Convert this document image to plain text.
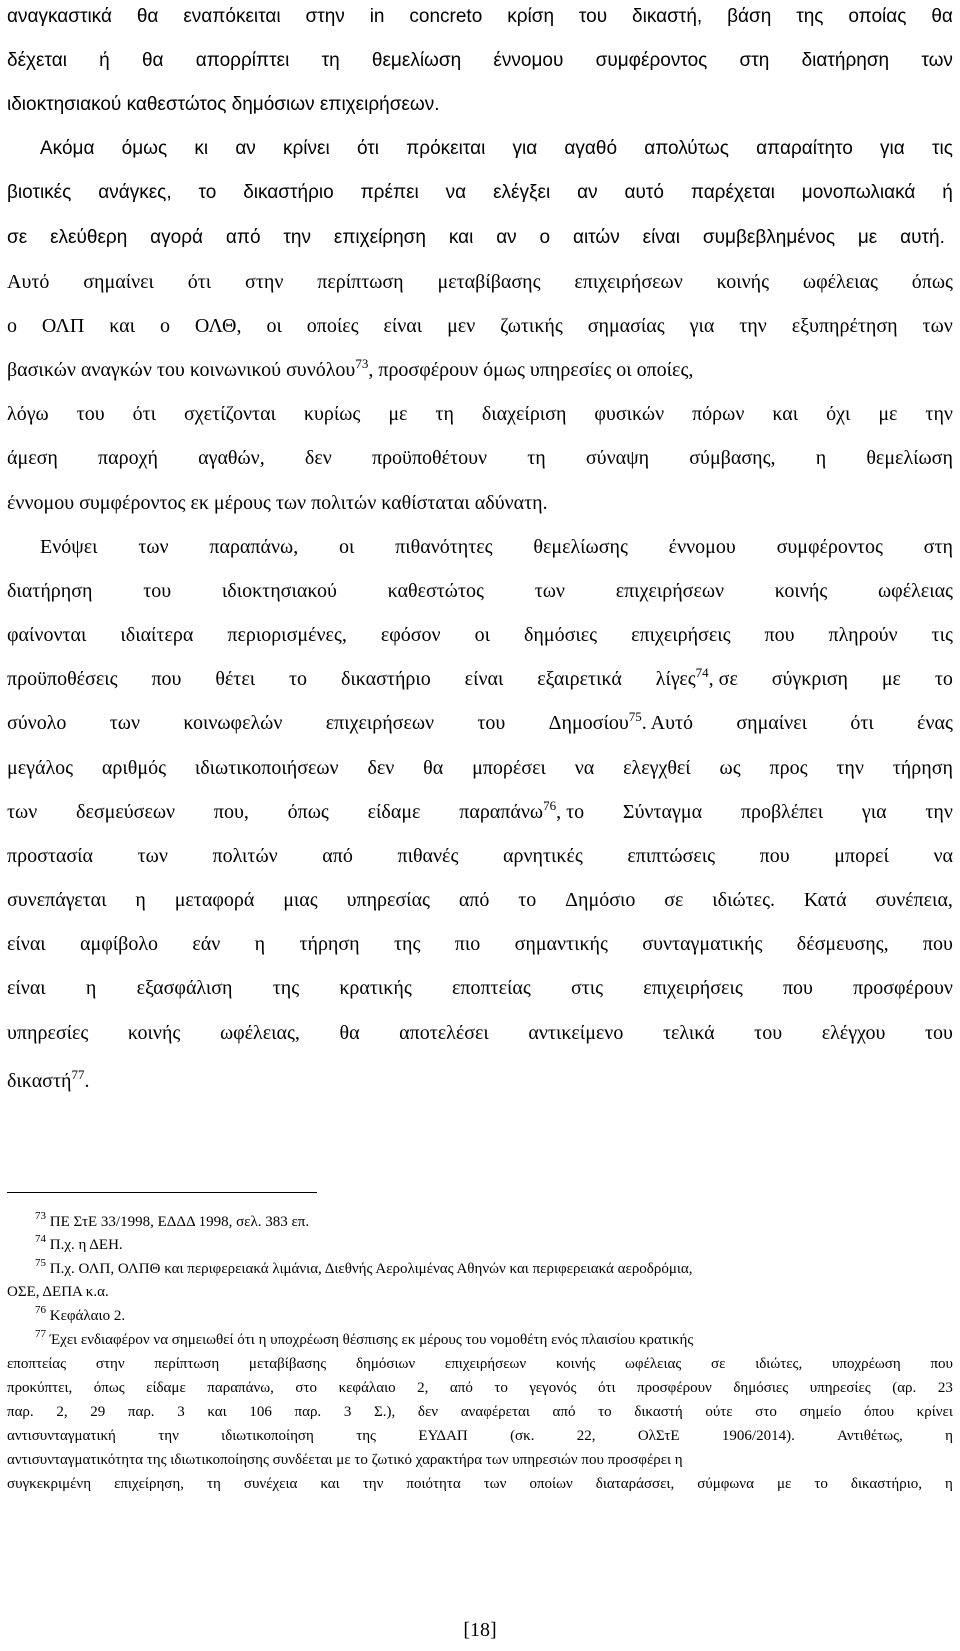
αναγκαστικά θα εναπόκειται στην in concreto κρίση του δικαστή, βάση της οποίας θα
δέχεται ή θα απορρίπτει τη θεμελίωση έννομου συμφέροντος στη διατήρηση των
ιδιοκτησιακού καθεστώτος δημόσιων επιχειρήσεων.
Ακόμα όμως κι αν κρίνει ότι πρόκειται για αγαθό απολύτως απαραίτητο για τις
βιοτικές ανάγκες, το δικαστήριο πρέπει να ελέγξει αν αυτό παρέχεται μονοπωλιακά ή
σε ελεύθερη αγορά από την επιχείρηση και αν ο αιτών είναι συμβεβλημένος με αυτή.
Αυτό σημαίνει ότι στην περίπτωση μεταβίβασης επιχειρήσεων κοινής ωφέλειας όπως
ο ΟΛΠ και ο ΟΛΘ, οι οποίες είναι μεν ζωτικής σημασίας για την εξυπηρέτηση των
βασικών αναγκών του κοινωνικού συνόλου$^{73}$, προσφέρουν όμως υπηρεσίες οι οποίες,
λόγω του ότι σχετίζονται κυρίως με τη διαχείριση φυσικών πόρων και όχι με την
άμεση παροχή αγαθών, δεν προϋποθέτουν τη σύναψη σύμβασης, η θεμελίωση
έννομου συμφέροντος εκ μέρους των πολιτών καθίσταται αδύνατη.
Ενόψει των παραπάνω, οι πιθανότητες θεμελίωσης έννομου συμφέροντος στη
διατήρηση	του	ιδιοκτησιακού	καθεστώτος	των	επιχειρήσεων	κοινής	ωφέλειας
φαίνονται ιδιαίτερα περιορισμένες, εφόσον οι δημόσιες επιχειρήσεις που πληρούν τις
προϋποθέσεις που θέτει το δικαστήριο είναι εξαιρετικά λίγες$^{74}$, σε σύγκριση με το
σύνολο των κοινωφελών επιχειρήσεων του Δημοσίου$^{75}$. Αυτό σημαίνει ότι ένας
μεγάλος αριθμός ιδιωτικοποιήσεων δεν θα μπορέσει να ελεγχθεί ως προς την τήρηση
των δεσμεύσεων που, όπως είδαμε παραπάνω$^{76}$, το Σύνταγμα προβλέπει για την
προστασία των πολιτών από πιθανές αρνητικές επιπτώσεις που μπορεί να
συνεπάγεται η μεταφορά μιας υπηρεσίας από το Δημόσιο σε ιδιώτες. Κατά συνέπεια,
είναι αμφίβολο εάν η τήρηση της πιο σημαντικής συνταγματικής δέσμευσης, που
είναι η εξασφάλιση της κρατικής εποπτείας στις επιχειρήσεις που προσφέρουν
υπηρεσίες κοινής ωφέλειας, θα αποτελέσει αντικείμενο τελικά του ελέγχου του
δικαστή$^{77}$.
$^{73}$ ΠΕ ΣτΕ 33/1998, ΕΔΔΔ 1998, σελ. 383 επ.
$^{74}$ Π.χ. η ΔΕΗ.
$^{75}$ Π.χ. ΟΛΠ, ΟΛΠΘ και περιφερειακά λιμάνια, Διεθνής Αερολιμένας Αθηνών και περιφερειακά αεροδρόμια,
ΟΣΕ, ΔΕΠΑ κ.α.
$^{76}$ Κεφάλαιο 2.
$^{77}$ Έχει ενδιαφέρον να σημειωθεί ότι η υποχρέωση θέσπισης εκ μέρους του νομοθέτη ενός πλαισίου κρατικής
εποπτείας στην περίπτωση μεταβίβασης δημόσιων επιχειρήσεων κοινής ωφέλειας σε ιδιώτες, υποχρέωση που
προκύπτει, όπως είδαμε παραπάνω, στο κεφάλαιο 2, από το γεγονός ότι προσφέρουν δημόσιες υπηρεσίες (αρ. 23
παρ. 2, 29 παρ. 3 και 106 παρ. 3 Σ.), δεν αναφέρεται από το δικαστή ούτε στο σημείο όπου κρίνει
αντισυνταγματική	την	ιδιωτικοποίηση	της	ΕΥΔΑΠ	(σκ.	22,	ΟλΣτΕ	1906/2014).	Αντιθέτως,	η
αντισυνταγματικότητα της ιδιωτικοποίησης συνδέεται με το ζωτικό χαρακτήρα των υπηρεσιών που προσφέρει η
συγκεκριμένη επιχείρηση, τη συνέχεια και την ποιότητα των οποίων διαταράσσει, σύμφωνα με το δικαστήριο, η
[18]
